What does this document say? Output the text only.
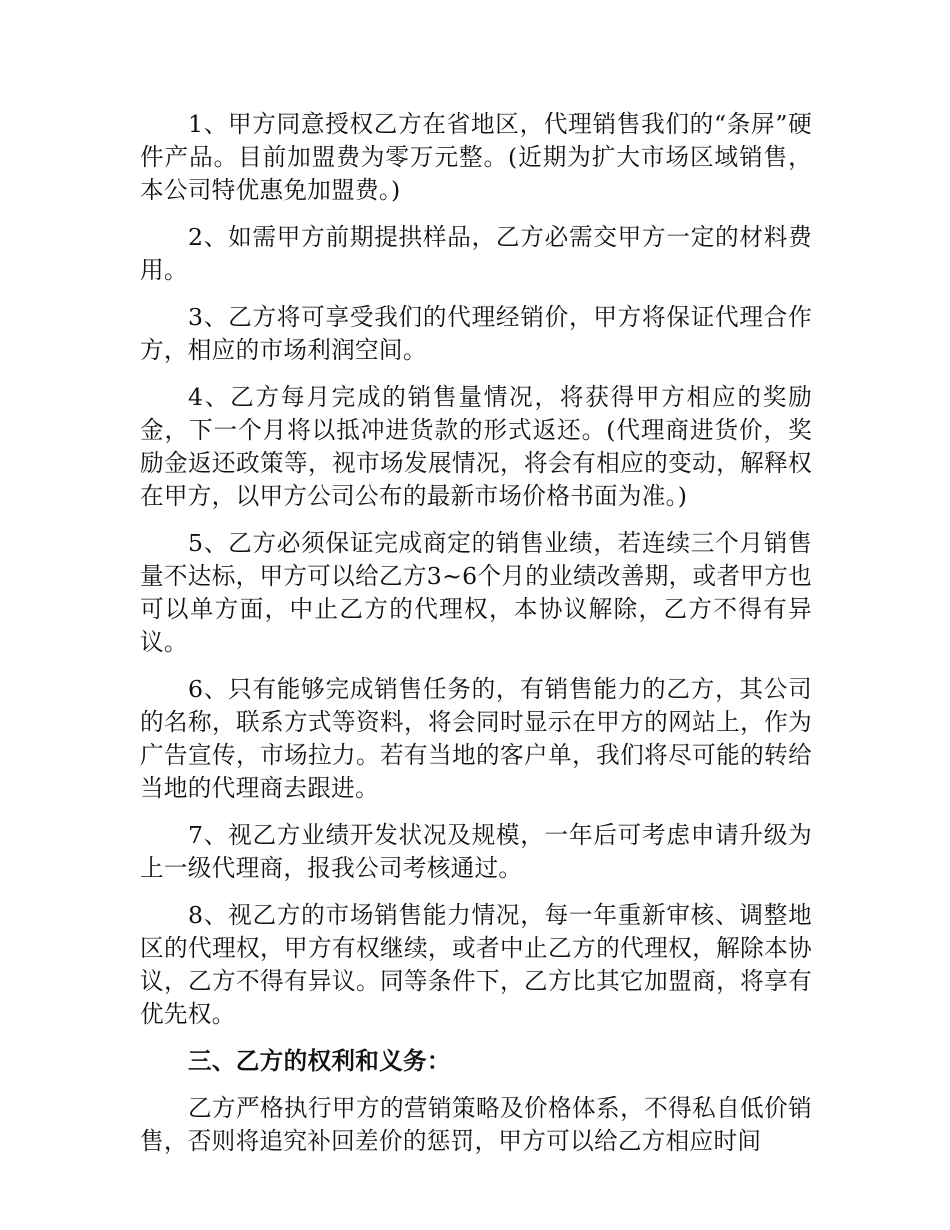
1、甲方同意授权乙方在省地区，代理销售我们的“条屏”硬件产品。目前加盟费为零万元整。(近期为扩大市场区域销售，本公司特优惠免加盟费。)

2、如需甲方前期提拱样品，乙方必需交甲方一定的材料费用。

3、乙方将可享受我们的代理经销价，甲方将保证代理合作方，相应的市场利润空间。

4、乙方每月完成的销售量情况，将获得甲方相应的奖励金，下一个月将以抵冲进货款的形式返还。(代理商进货价，奖励金返还政策等，视市场发展情况，将会有相应的变动，解释权在甲方，以甲方公司公布的最新市场价格书面为准。)

5、乙方必须保证完成商定的销售业绩，若连续三个月销售量不达标，甲方可以给乙方3~6个月的业绩改善期，或者甲方也可以单方面，中止乙方的代理权，本协议解除，乙方不得有异议。

6、只有能够完成销售任务的，有销售能力的乙方，其公司的名称，联系方式等资料，将会同时显示在甲方的网站上，作为广告宣传，市场拉力。若有当地的客户单，我们将尽可能的转给当地的代理商去跟进。

7、视乙方业绩开发状况及规模，一年后可考虑申请升级为上一级代理商，报我公司考核通过。

8、视乙方的市场销售能力情况，每一年重新审核、调整地区的代理权，甲方有权继续，或者中止乙方的代理权，解除本协议，乙方不得有异议。同等条件下，乙方比其它加盟商，将享有优先权。

三、乙方的权利和义务：

乙方严格执行甲方的营销策略及价格体系，不得私自低价销售，否则将追究补回差价的惩罚，甲方可以给乙方相应时间
